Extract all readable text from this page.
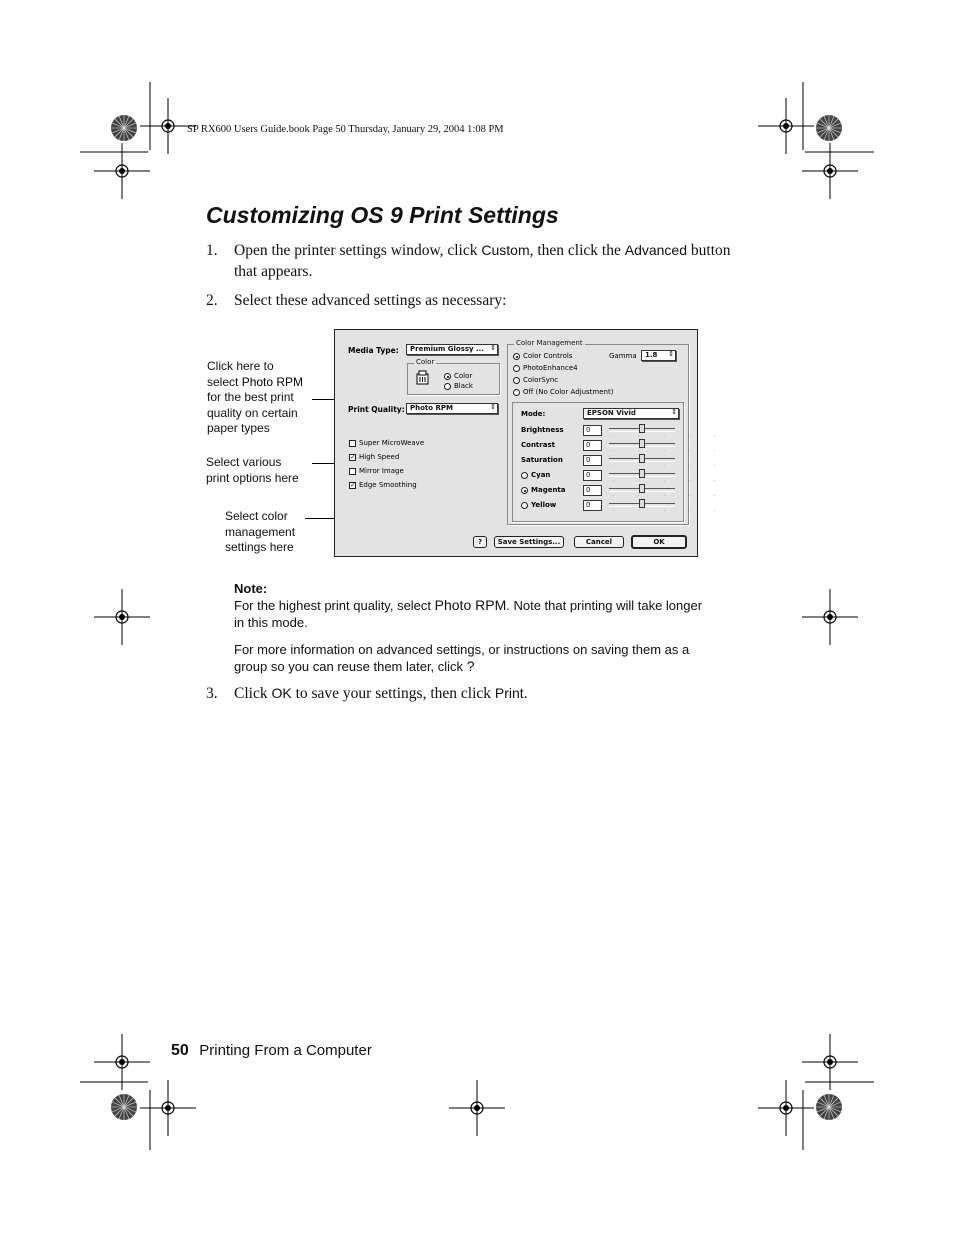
SP RX600 Users Guide.book Page 50 Thursday, January 29, 2004 1:08 PM
Customizing OS 9 Print Settings
1. Open the printer settings window, click Custom, then click the Advanced button that appears.
2. Select these advanced settings as necessary:
Click here to
select Photo RPM
for the best print
quality on certain
paper types
Select various
print options here
Select color
management
settings here
Media Type: Premium Glossy ... ⇕
Color
Color
Black
Print Quality: Photo RPM	⇕
Super MicroWeave
✓ High Speed
Mirror Image
✓ Edge Smoothing
Color Management
Color Controls
PhotoEnhance4
ColorSync
Off (No Color Adjustment)
Gamma 1.8 ⇕
Mode:	EPSON Vivid	⇕
Brightness	0
. . . . .
Contrast	0
. . . . .
Saturation	0
. . . . .
Cyan	0
. . . . .
Magenta	0
. . . . .
Yellow	0
. . . . .
?	Save Settings...	Cancel	OK
Note:
For the highest print quality, select Photo RPM. Note that printing will take longer
in this mode.
For more information on advanced settings, or instructions on saving them as a
group so you can reuse them later, click ?
3. Click OK to save your settings, then click Print.
50 Printing From a Computer
